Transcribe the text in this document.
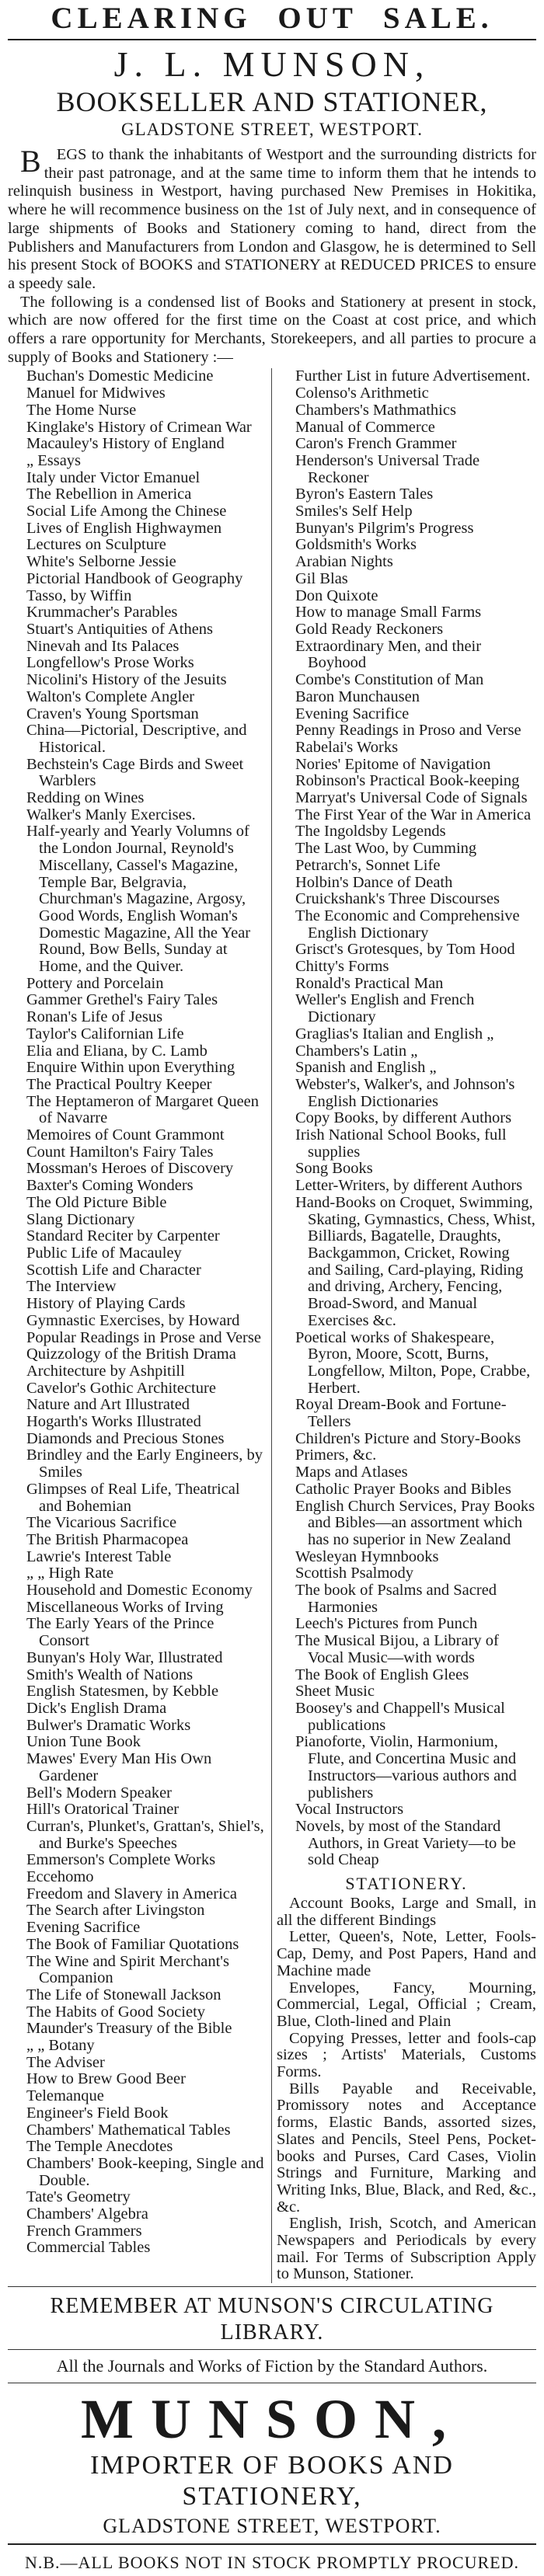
CLEARING OUT SALE.
J. L. MUNSON,
BOOKSELLER AND STATIONER,
GLADSTONE STREET, WESTPORT.

BEGS to thank the inhabitants of Westport and the surrounding districts for their past patronage, and at the same time to inform them that he intends to relinquish business in Westport, having purchased New Premises in Hokitika, where he will recommence business on the 1st of July next, and in consequence of large shipments of Books and Stationery coming to hand, direct from the Publishers and Manufacturers from London and Glasgow, he is determined to Sell his present Stock of BOOKS and STATIONERY at REDUCED PRICES to ensure a speedy sale.

The following is a condensed list of Books and Stationery at present in stock, which are now offered for the first time on the Coast at cost price, and which offers a rare opportunity for Merchants, Storekeepers, and all parties to procure a supply of Books and Stationery :—

Buchan's Domestic Medicine
Manuel for Midwives
The Home Nurse
Kinglake's History of Crimean War
Macauley's History of England
„ Essays
Italy under Victor Emanuel
The Rebellion in America
Social Life Among the Chinese
Lives of English Highwaymen
Lectures on Sculpture
White's Selborne Jessie
Pictorial Handbook of Geography
Tasso, by Wiffin
Krummacher's Parables
Stuart's Antiquities of Athens
Ninevah and Its Palaces
Longfellow's Prose Works
Nicolini's History of the Jesuits
Walton's Complete Angler
Craven's Young Sportsman
China—Pictorial, Descriptive, and Historical.
Bechstein's Cage Birds and Sweet Warblers
Redding on Wines
Walker's Manly Exercises.
Half-yearly and Yearly Volumns of the London Journal, Reynold's Miscellany, Cassel's Magazine, Temple Bar, Belgravia, Churchman's Magazine, Argosy, Good Words, English Woman's Domestic Magazine, All the Year Round, Bow Bells, Sunday at Home, and the Quiver.
Pottery and Porcelain
Gammer Grethel's Fairy Tales
Ronan's Life of Jesus
Taylor's Californian Life
Elia and Eliana, by C. Lamb
Enquire Within upon Everything
The Practical Poultry Keeper
The Heptameron of Margaret Queen of Navarre
Memoires of Count Grammont
Count Hamilton's Fairy Tales
Mossman's Heroes of Discovery
Baxter's Coming Wonders
The Old Picture Bible
Slang Dictionary
Standard Reciter by Carpenter
Public Life of Macauley
Scottish Life and Character
The Interview
History of Playing Cards
Gymnastic Exercises, by Howard
Popular Readings in Prose and Verse
Quizzology of the British Drama
Architecture by Ashpitill
Cavelor's Gothic Architecture
Nature and Art Illustrated
Hogarth's Works Illustrated
Diamonds and Precious Stones
Brindley and the Early Engineers, by Smiles
Glimpses of Real Life, Theatrical and Bohemian
The Vicarious Sacrifice
The British Pharmacopea
Lawrie's Interest Table
„ „ High Rate
Household and Domestic Economy
Miscellaneous Works of Irving
The Early Years of the Prince Consort
Bunyan's Holy War, Illustrated
Smith's Wealth of Nations
English Statesmen, by Kebble
Dick's English Drama
Bulwer's Dramatic Works
Union Tune Book
Mawes' Every Man His Own Gardener
Bell's Modern Speaker
Hill's Oratorical Trainer
Curran's, Plunket's, Grattan's, Shiel's, and Burke's Speeches
Emmerson's Complete Works
Eccehomo
Freedom and Slavery in America
The Search after Livingston
Evening Sacrifice
The Book of Familiar Quotations
The Wine and Spirit Merchant's Companion
The Life of Stonewall Jackson
The Habits of Good Society
Maunder's Treasury of the Bible
„ „ Botany
The Adviser
How to Brew Good Beer
Telemanque
Engineer's Field Book
Chambers' Mathematical Tables
The Temple Anecdotes
Chambers' Book-keeping, Single and Double.
Tate's Geometry
Chambers' Algebra
French Grammers
Commercial Tables
Further List in future Advertisement.
Colenso's Arithmetic
Chambers's Mathmathics
Manual of Commerce
Caron's French Grammer
Henderson's Universal Trade Reckoner
Byron's Eastern Tales
Smiles's Self Help
Bunyan's Pilgrim's Progress
Goldsmith's Works
Arabian Nights
Gil Blas
Don Quixote
How to manage Small Farms
Gold Ready Reckoners
Extraordinary Men, and their Boyhood
Combe's Constitution of Man
Baron Munchausen
Evening Sacrifice
Penny Readings in Proso and Verse
Rabelai's Works
Nories' Epitome of Navigation
Robinson's Practical Book-keeping
Marryat's Universal Code of Signals
The First Year of the War in America
The Ingoldsby Legends
The Last Woo, by Cumming
Petrarch's, Sonnet Life
Holbin's Dance of Death
Cruickshank's Three Discourses
The Economic and Comprehensive English Dictionary
Grisct's Grotesques, by Tom Hood
Chitty's Forms
Ronald's Practical Man
Weller's English and French Dictionary
Graglias's Italian and English „
Chambers's Latin „
Spanish and English „
Webster's, Walker's, and Johnson's English Dictionaries
Copy Books, by different Authors
Irish National School Books, full supplies
Song Books
Letter-Writers, by different Authors
Hand-Books on Croquet, Swimming, Skating, Gymnastics, Chess, Whist, Billiards, Bagatelle, Draughts, Backgammon, Cricket, Rowing and Sailing, Card-playing, Riding and driving, Archery, Fencing, Broad-Sword, and Manual Exercises &c.
Poetical works of Shakespeare, Byron, Moore, Scott, Burns, Longfellow, Milton, Pope, Crabbe, Herbert.
Royal Dream-Book and Fortune-Tellers
Children's Picture and Story-Books
Primers, &c.
Maps and Atlases
Catholic Prayer Books and Bibles
English Church Services, Pray Books and Bibles—an assortment which has no superior in New Zealand
Wesleyan Hymnbooks
Scottish Psalmody
The book of Psalms and Sacred Harmonies
Leech's Pictures from Punch
The Musical Bijou, a Library of Vocal Music—with words
The Book of English Glees
Sheet Music
Boosey's and Chappell's Musical publications
Pianoforte, Violin, Harmonium, Flute, and Concertina Music and Instructors—various authors and publishers
Vocal Instructors
Novels, by most of the Standard Authors, in Great Variety—to be sold Cheap
STATIONERY.
Account Books, Large and Small, in all the different Bindings
Letter, Queen's, Note, Letter, Fools-Cap, Demy, and Post Papers, Hand and Machine made
Envelopes, Fancy, Mourning, Commercial, Legal, Official ; Cream, Blue, Cloth-lined and Plain
Copying Presses, letter and fools-cap sizes ; Artists' Materials, Customs Forms.
Bills Payable and Receivable, Promissory notes and Acceptance forms, Elastic Bands, assorted sizes, Slates and Pencils, Steel Pens, Pocket-books and Purses, Card Cases, Violin Strings and Furniture, Marking and Writing Inks, Blue, Black, and Red, &c., &c.
English, Irish, Scotch, and American Newspapers and Periodicals by every mail. For Terms of Subscription Apply to Munson, Stationer.
REMEMBER AT MUNSON'S CIRCULATING LIBRARY.
All the Journals and Works of Fiction by the Standard Authors.
MUNSON,
IMPORTER OF BOOKS AND STATIONERY,
GLADSTONE STREET, WESTPORT.
N.B.—ALL BOOKS NOT IN STOCK PROMPTLY PROCURED.
